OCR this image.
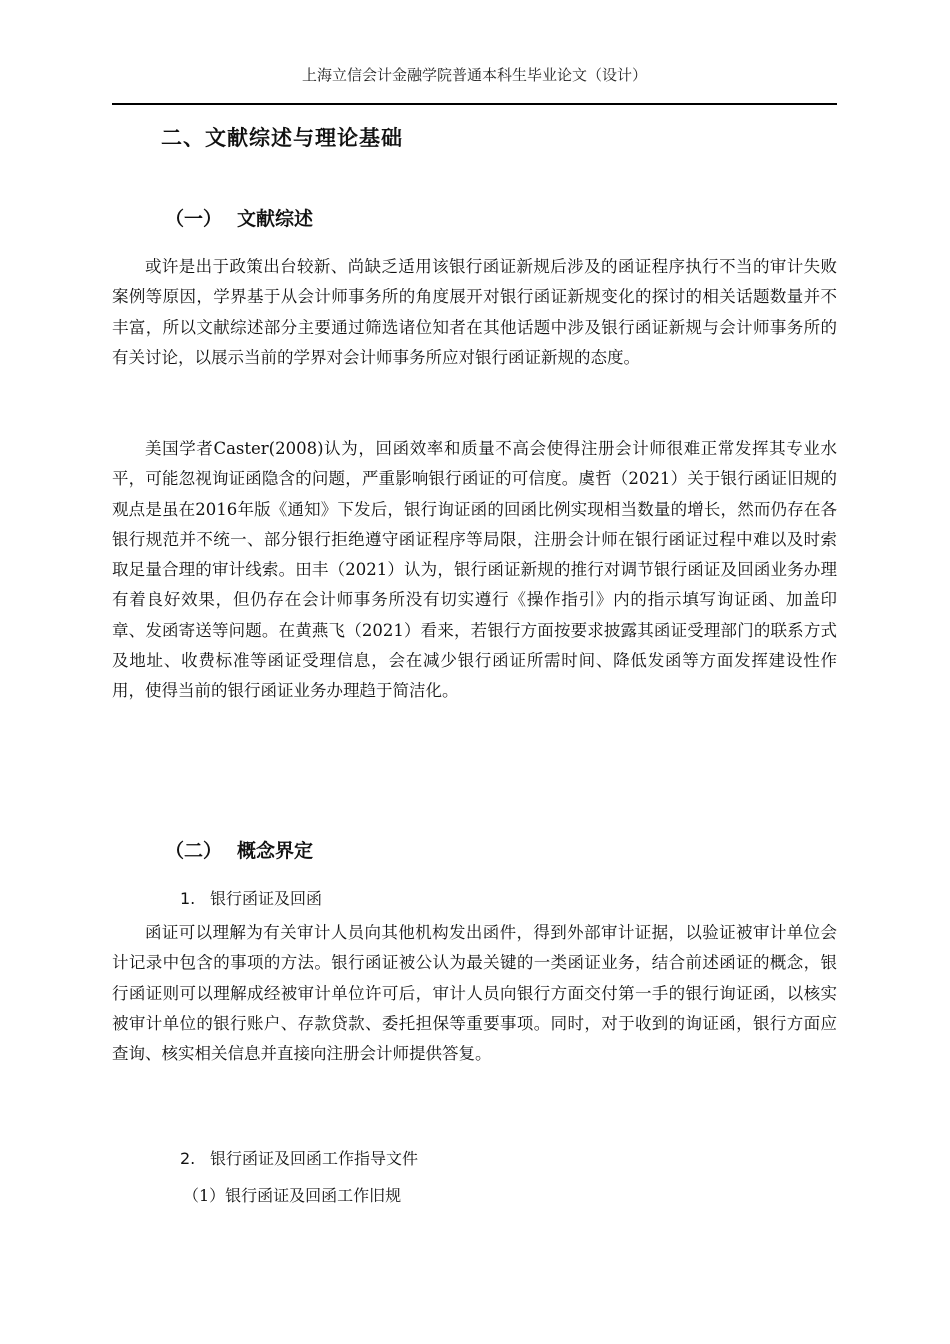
上海立信会计金融学院普通本科生毕业论文（设计）
二、文献综述与理论基础
（一） 文献综述

或许是出于政策出台较新、尚缺乏适用该银行函证新规后涉及的函证程序执行不当的审计失败案例等原因，学界基于从会计师事务所的角度展开对银行函证新规变化的探讨的相关话题数量并不丰富，所以文献综述部分主要通过筛选诸位知者在其他话题中涉及银行函证新规与会计师事务所的有关讨论，以展示当前的学界对会计师事务所应对银行函证新规的态度。

美国学者Caster(2008)认为，回函效率和质量不高会使得注册会计师很难正常发挥其专业水平，可能忽视询证函隐含的问题，严重影响银行函证的可信度。虞哲（2021）关于银行函证旧规的观点是虽在2016年版《通知》下发后，银行询证函的回函比例实现相当数量的增长，然而仍存在各银行规范并不统一、部分银行拒绝遵守函证程序等局限，注册会计师在银行函证过程中难以及时索取足量合理的审计线索。田丰（2021）认为，银行函证新规的推行对调节银行函证及回函业务办理有着良好效果，但仍存在会计师事务所没有切实遵行《操作指引》内的指示填写询证函、加盖印章、发函寄送等问题。在黄燕飞（2021）看来，若银行方面按要求披露其函证受理部门的联系方式及地址、收费标准等函证受理信息，会在减少银行函证所需时间、降低发函等方面发挥建设性作用，使得当前的银行函证业务办理趋于简洁化。

（二） 概念界定
1. 银行函证及回函

函证可以理解为有关审计人员向其他机构发出函件，得到外部审计证据，以验证被审计单位会计记录中包含的事项的方法。银行函证被公认为最关键的一类函证业务，结合前述函证的概念，银行函证则可以理解成经被审计单位许可后，审计人员向银行方面交付第一手的银行询证函，以核实被审计单位的银行账户、存款贷款、委托担保等重要事项。同时，对于收到的询证函，银行方面应查询、核实相关信息并直接向注册会计师提供答复。

2. 银行函证及回函工作指导文件
（1）银行函证及回函工作旧规
